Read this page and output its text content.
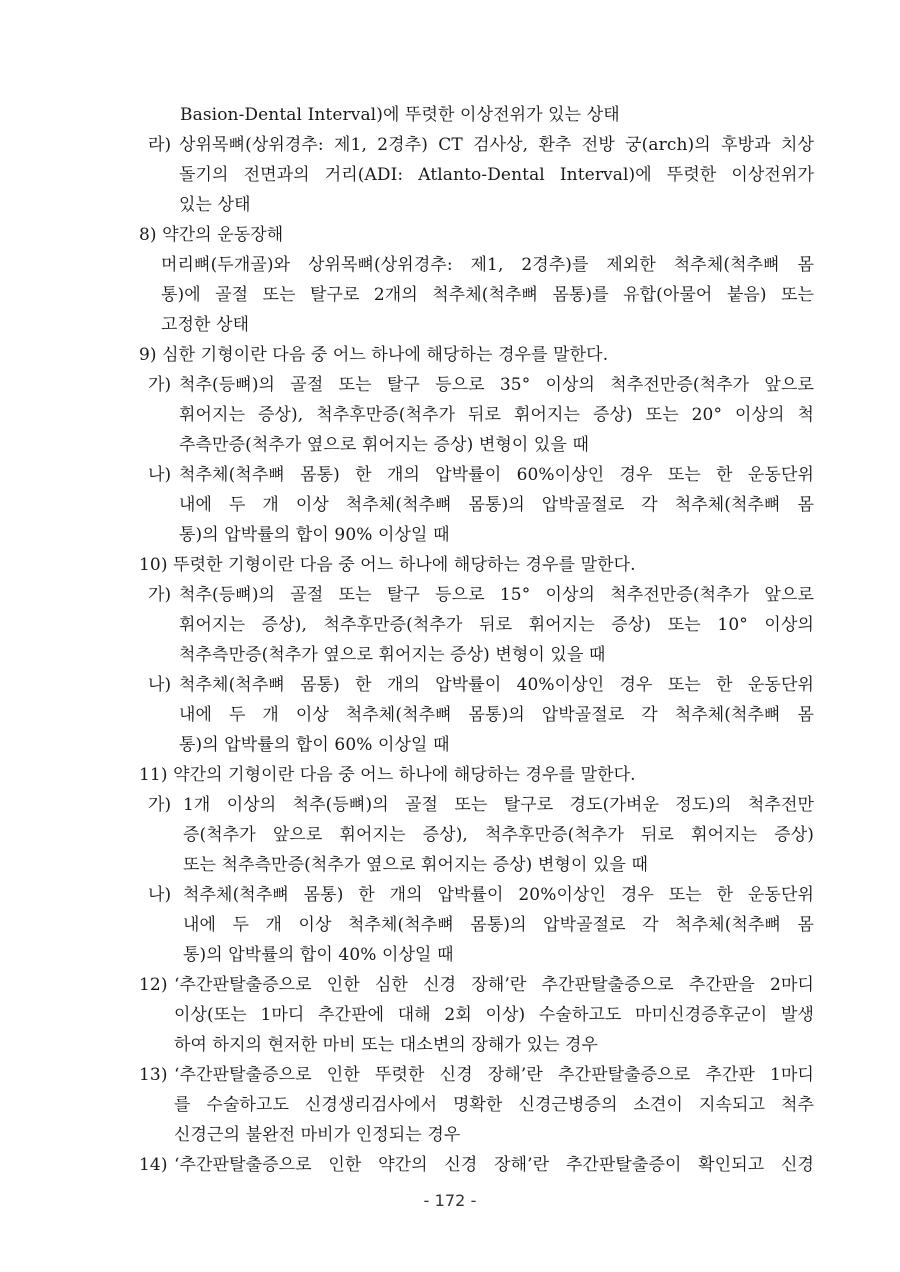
Basion-Dental Interval)에 뚜렷한 이상전위가 있는 상태
라) 상위목뼈(상위경추: 제1, 2경추) CT 검사상, 환추 전방 궁(arch)의 후방과 치상
돌기의 전면과의 거리(ADI: Atlanto-Dental Interval)에 뚜렷한 이상전위가
있는 상태
8) 약간의 운동장해
머리뼈(두개골)와 상위목뼈(상위경추: 제1, 2경추)를 제외한 척추체(척추뼈 몸
통)에 골절 또는 탈구로 2개의 척추체(척추뼈 몸통)를 유합(아물어 붙음) 또는
고정한 상태
9) 심한 기형이란 다음 중 어느 하나에 해당하는 경우를 말한다.
가) 척추(등뼈)의 골절 또는 탈구 등으로 35° 이상의 척추전만증(척추가 앞으로
휘어지는 증상), 척추후만증(척추가 뒤로 휘어지는 증상) 또는 20° 이상의 척
추측만증(척추가 옆으로 휘어지는 증상) 변형이 있을 때
나) 척추체(척추뼈 몸통) 한 개의 압박률이 60%이상인 경우 또는 한 운동단위
내에 두 개 이상 척추체(척추뼈 몸통)의 압박골절로 각 척추체(척추뼈 몸
통)의 압박률의 합이 90% 이상일 때
10) 뚜렷한 기형이란 다음 중 어느 하나에 해당하는 경우를 말한다.
가) 척추(등뼈)의 골절 또는 탈구 등으로 15° 이상의 척추전만증(척추가 앞으로
휘어지는 증상), 척추후만증(척추가 뒤로 휘어지는 증상) 또는 10° 이상의
척추측만증(척추가 옆으로 휘어지는 증상) 변형이 있을 때
나) 척추체(척추뼈 몸통) 한 개의 압박률이 40%이상인 경우 또는 한 운동단위
내에 두 개 이상 척추체(척추뼈 몸통)의 압박골절로 각 척추체(척추뼈 몸
통)의 압박률의 합이 60% 이상일 때
11) 약간의 기형이란 다음 중 어느 하나에 해당하는 경우를 말한다.
가) 1개 이상의 척추(등뼈)의 골절 또는 탈구로 경도(가벼운 정도)의 척추전만
증(척추가 앞으로 휘어지는 증상), 척추후만증(척추가 뒤로 휘어지는 증상)
또는 척추측만증(척추가 옆으로 휘어지는 증상) 변형이 있을 때
나) 척추체(척추뼈 몸통) 한 개의 압박률이 20%이상인 경우 또는 한 운동단위
내에 두 개 이상 척추체(척추뼈 몸통)의 압박골절로 각 척추체(척추뼈 몸
통)의 압박률의 합이 40% 이상일 때
12) ‘추간판탈출증으로 인한 심한 신경 장해’란 추간판탈출증으로 추간판을 2마디
이상(또는 1마디 추간판에 대해 2회 이상) 수술하고도 마미신경증후군이 발생
하여 하지의 현저한 마비 또는 대소변의 장해가 있는 경우
13) ‘추간판탈출증으로 인한 뚜렷한 신경 장해’란 추간판탈출증으로 추간판 1마디
를 수술하고도 신경생리검사에서 명확한 신경근병증의 소견이 지속되고 척추
신경근의 불완전 마비가 인정되는 경우
14) ‘추간판탈출증으로 인한 약간의 신경 장해’란 추간판탈출증이 확인되고 신경
- 172 -
